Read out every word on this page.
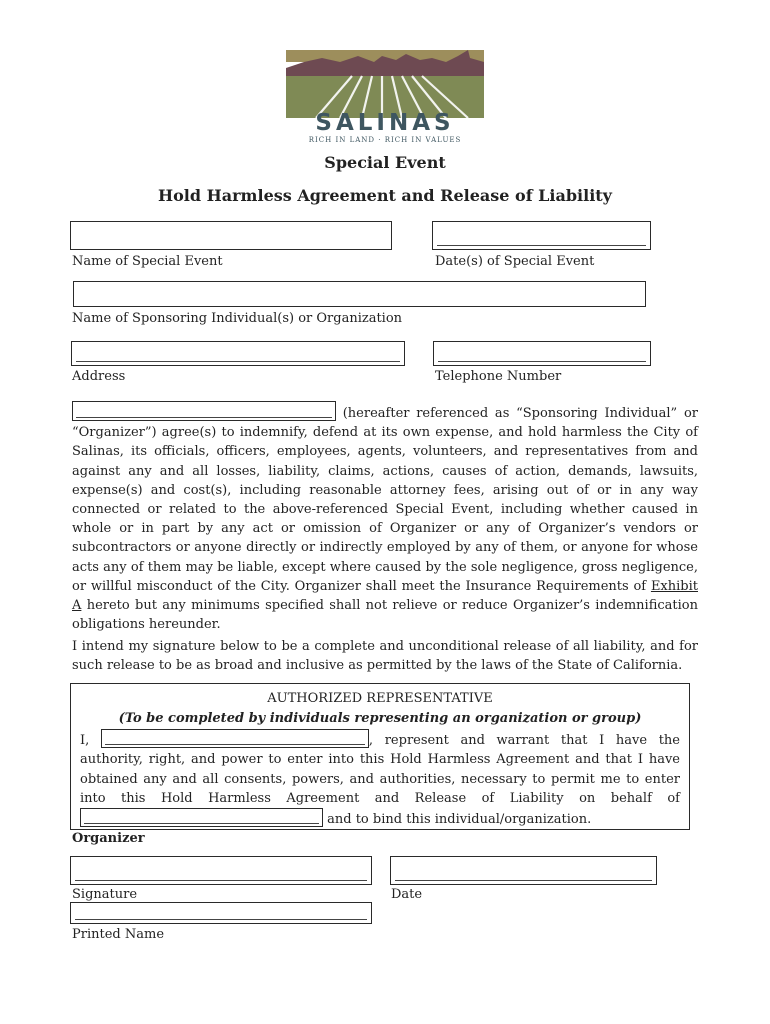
SALINAS
RICH IN LAND · RICH IN VALUES
Special Event
Hold Harmless Agreement and Release of Liability
Name of Special Event	Date(s) of Special Event
Name of Sponsoring Individual(s) or Organization
Address	Telephone Number
(hereafter referenced as “Sponsoring Individual” or “Organizer”) agree(s) to indemnify, defend at its own expense, and hold harmless the City of Salinas, its officials, officers, employees, agents, volunteers, and representatives from and against any and all losses, liability, claims, actions, causes of action, demands, lawsuits, expense(s) and cost(s), including reasonable attorney fees, arising out of or in any way connected or related to the above-referenced Special Event, including whether caused in whole or in part by any act or omission of Organizer or any of Organizer’s vendors or subcontractors or anyone directly or indirectly employed by any of them, or anyone for whose acts any of them may be liable, except where caused by the sole negligence, gross negligence, or willful misconduct of the City. Organizer shall meet the Insurance Requirements of Exhibit A hereto but any minimums specified shall not relieve or reduce Organizer’s indemnification obligations hereunder.
I intend my signature below to be a complete and unconditional release of all liability, and for such release to be as broad and inclusive as permitted by the laws of the State of California.
AUTHORIZED REPRESENTATIVE
(To be completed by individuals representing an organization or group)
I,	, represent and warrant that I have the authority, right, and power to enter into this Hold Harmless Agreement and that I have obtained any and all consents, powers, and authorities, necessary to permit me to enter into this Hold Harmless Agreement and Release of Liability on behalf of  and to bind this individual/organization.
Organizer
Signature	Date
Printed Name
